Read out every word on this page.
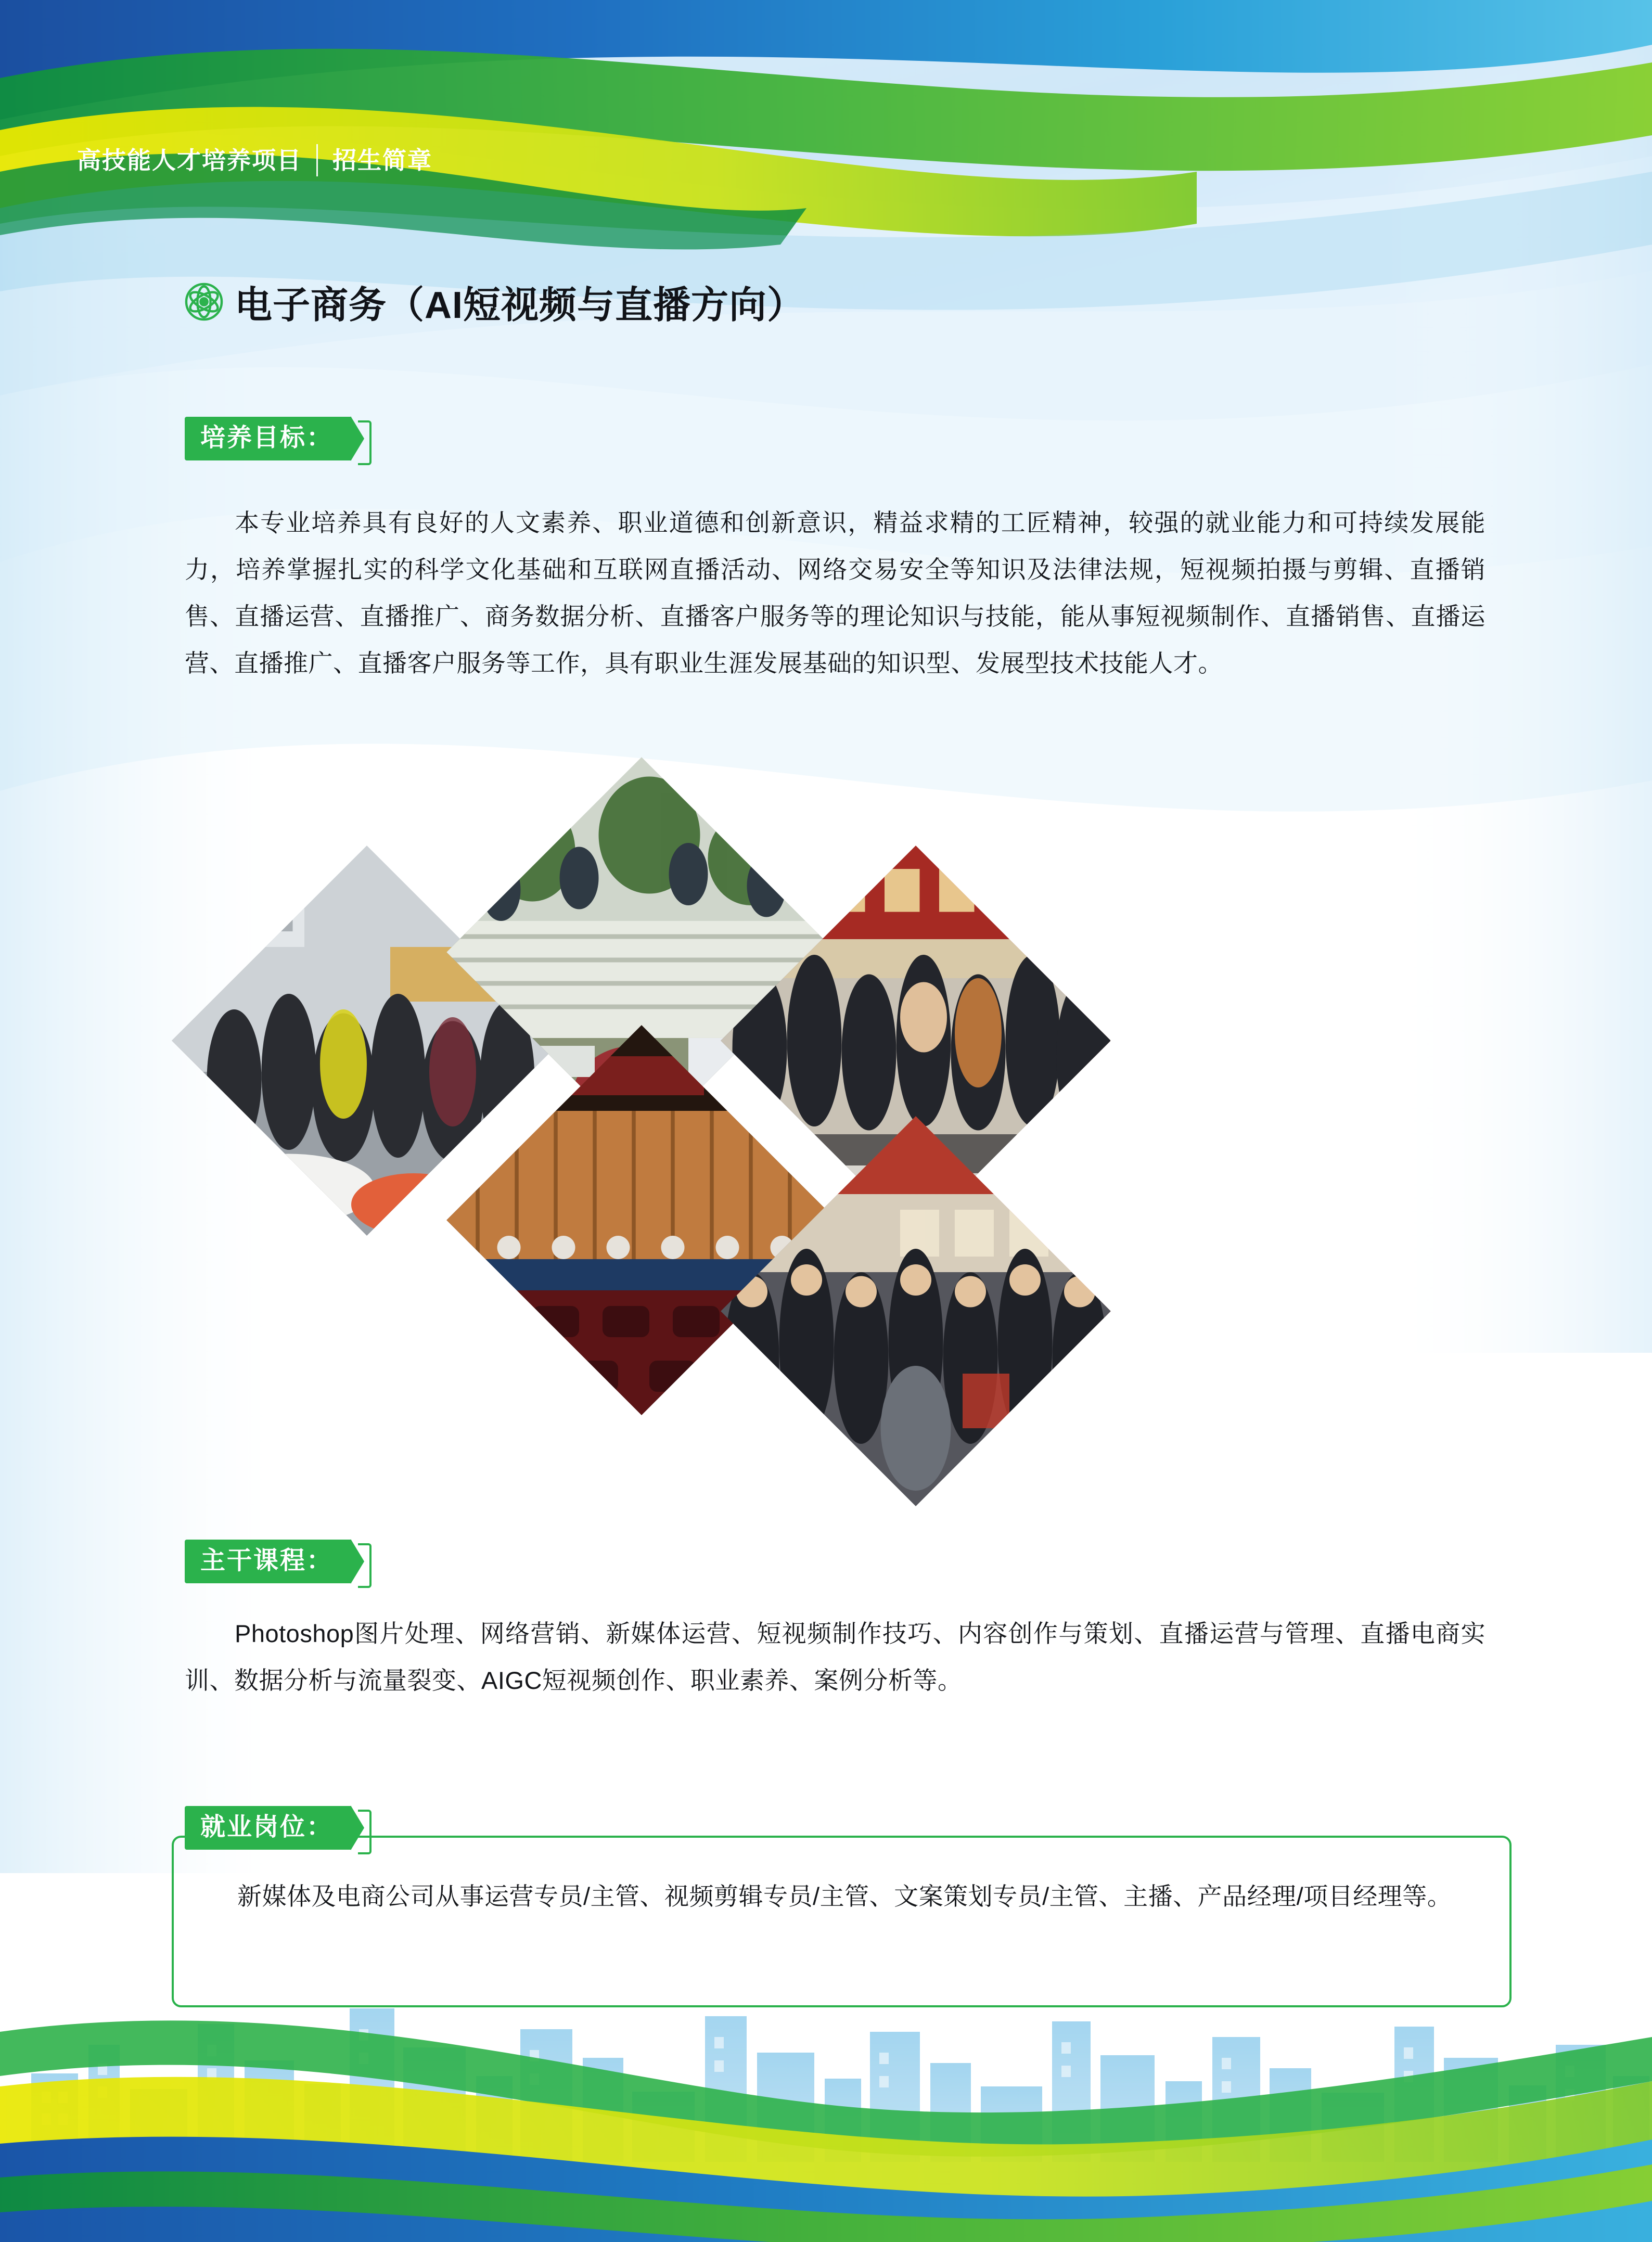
高技能人才培养项目 招生简章
电子商务（AI短视频与直播方向）
培养目标：
本专业培养具有良好的人文素养、职业道德和创新意识，精益求精的工匠精神，较强的就业能力和可持续发展能力，培养掌握扎实的科学文化基础和互联网直播活动、网络交易安全等知识及法律法规，短视频拍摄与剪辑、直播销售、直播运营、直播推广、商务数据分析、直播客户服务等的理论知识与技能，能从事短视频制作、直播销售、直播运营、直播推广、直播客户服务等工作，具有职业生涯发展基础的知识型、发展型技术技能人才。
主干课程：
Photoshop图片处理、网络营销、新媒体运营、短视频制作技巧、内容创作与策划、直播运营与管理、直播电商实训、数据分析与流量裂变、AIGC短视频创作、职业素养、案例分析等。
就业岗位：
新媒体及电商公司从事运营专员/主管、视频剪辑专员/主管、文案策划专员/主管、主播、产品经理/项目经理等。
